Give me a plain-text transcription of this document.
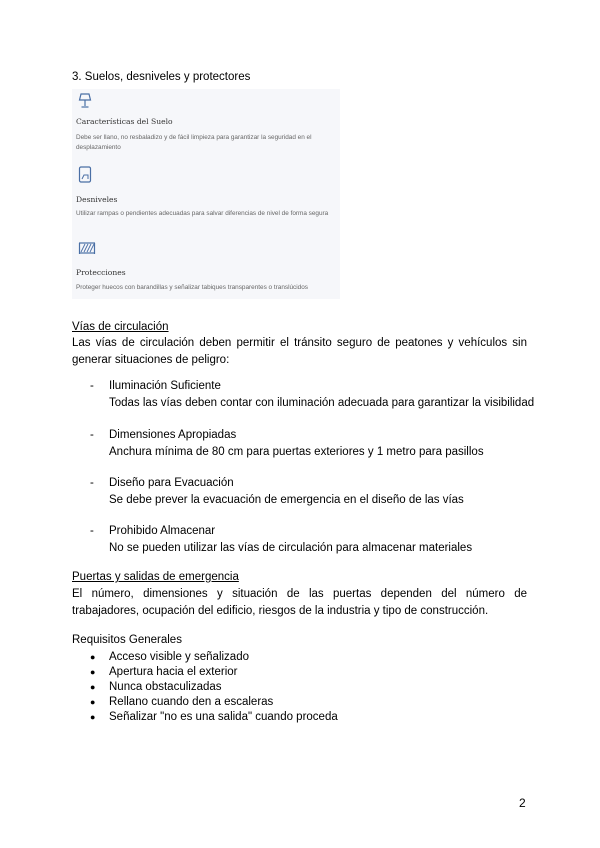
3. Suelos, desniveles y protectores
Características del Suelo
Debe ser llano, no resbaladizo y de fácil limpieza para garantizar la seguridad en el desplazamiento
Desniveles
Utilizar rampas o pendientes adecuadas para salvar diferencias de nivel de forma segura
Protecciones
Proteger huecos con barandillas y señalizar tabiques transparentes o translúcidos
Vías de circulación
Las vías de circulación deben permitir el tránsito seguro de peatones y vehículos sin generar situaciones de peligro:
- Iluminación Suficiente
Todas las vías deben contar con iluminación adecuada para garantizar la visibilidad
- Dimensiones Apropiadas
Anchura mínima de 80 cm para puertas exteriores y 1 metro para pasillos
- Diseño para Evacuación
Se debe prever la evacuación de emergencia en el diseño de las vías
- Prohibido Almacenar
No se pueden utilizar las vías de circulación para almacenar materiales
Puertas y salidas de emergencia
El número, dimensiones y situación de las puertas dependen del número de trabajadores, ocupación del edificio, riesgos de la industria y tipo de construcción.
Requisitos Generales
● Acceso visible y señalizado
● Apertura hacia el exterior
● Nunca obstaculizadas
● Rellano cuando den a escaleras
● Señalizar "no es una salida" cuando proceda
2
